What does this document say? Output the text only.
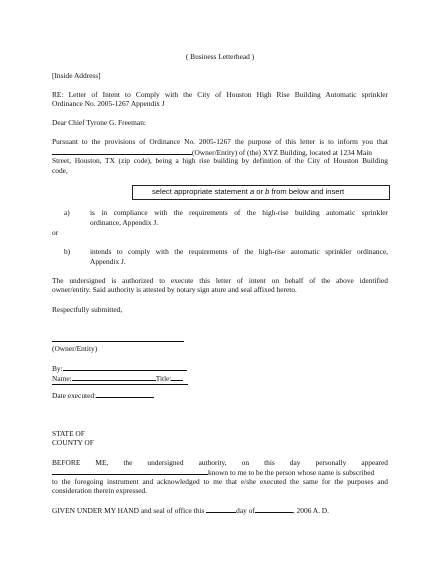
( Business Letterhead )
[Inside Address]
RE: Letter of Intent to Comply with the City of Houston High Rise Building Automatic sprinkler
Ordinance No. 2005-1267 Appendix J
Dear Chief Tyrone G. Freeman:
Pursuant to the provisions of Ordinance No. 2005-1267 the purpose of this letter is to inform you that
(Owner/Entity) of (the) XYZ Building, located at 1234 Main
Street, Houston, TX (zip code), being a high rise building by definition of the City of Houston Building
code,
select appropriate statement a or b from below and insert
a)	is in compliance with the requirements of the high-rise building automatic sprinkler
ordinance, Appendix J.
or
b)	intends to comply with the requirements of the high-rise automatic sprinkler ordinance,
Appendix J.
The undersigned is authorized to execute this letter of intent on behalf of the above identified
owner/entity. Said authority is attested by notary sign ature and seal affixed hereto.
Respectfully submitted,
(Owner/Entity)
By:
Name:	Title:
Date executed:
STATE OF
COUNTY OF
BEFORE ME, the undersigned authority, on this day personally appeared
known to me to be the person whose name is subscribed
to the foregoing instrument and acknowledged to me that e/she executed the same for the purposes and
consideration therein expressed.
GIVEN UNDER MY HAND and seal of office this	day of	, 2006 A. D.
